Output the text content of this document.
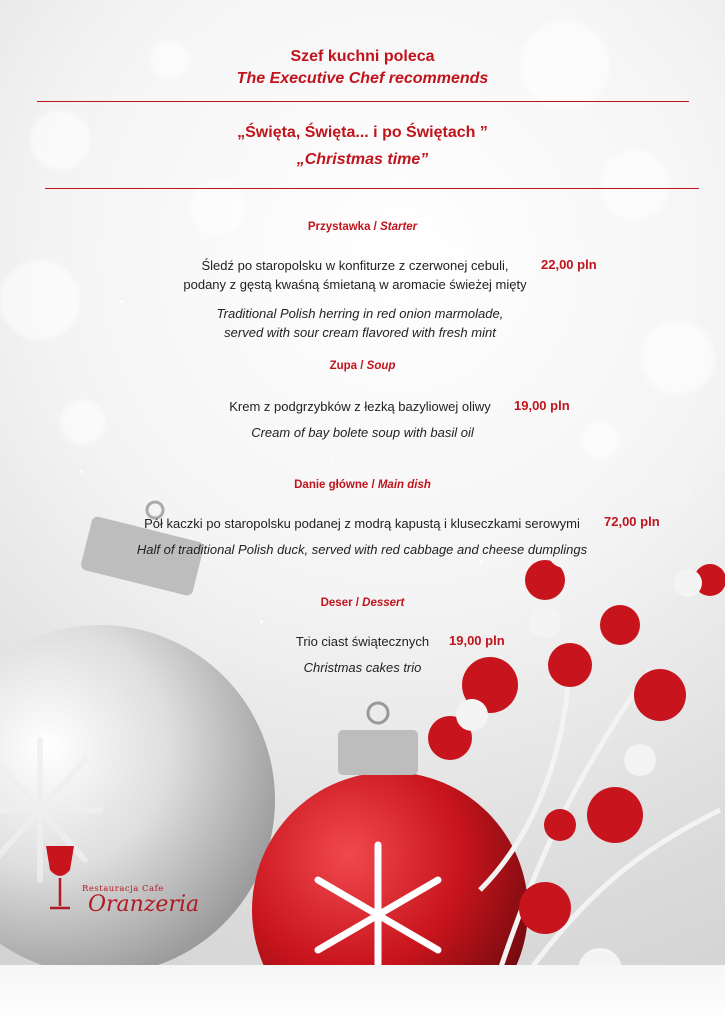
Szef kuchni poleca
The Executive Chef recommends
„Święta, Święta... i po Świętach ”
„Christmas time”
Przystawka / Starter
Śledź po staropolsku w konfiturze z czerwonej cebuli,
podany z gęstą kwaśną śmietaną w aromacie świeżej mięty
22,00 pln
Traditional Polish herring in red onion marmolade,
served with sour cream flavored with fresh mint
Zupa / Soup
Krem z podgrzybków z łezką bazyliowej oliwy	19,00 pln
Cream of bay bolete soup with basil oil
Danie główne / Main dish
Pół kaczki po staropolsku podanej z modrą kapustą i kluseczkami serowymi	72,00 pln
Half of traditional Polish duck, served with red cabbage and cheese dumplings
Deser / Dessert
Trio ciast świątecznych	19,00 pln
Christmas cakes trio
Restauracja Cafe
Oranzeria
